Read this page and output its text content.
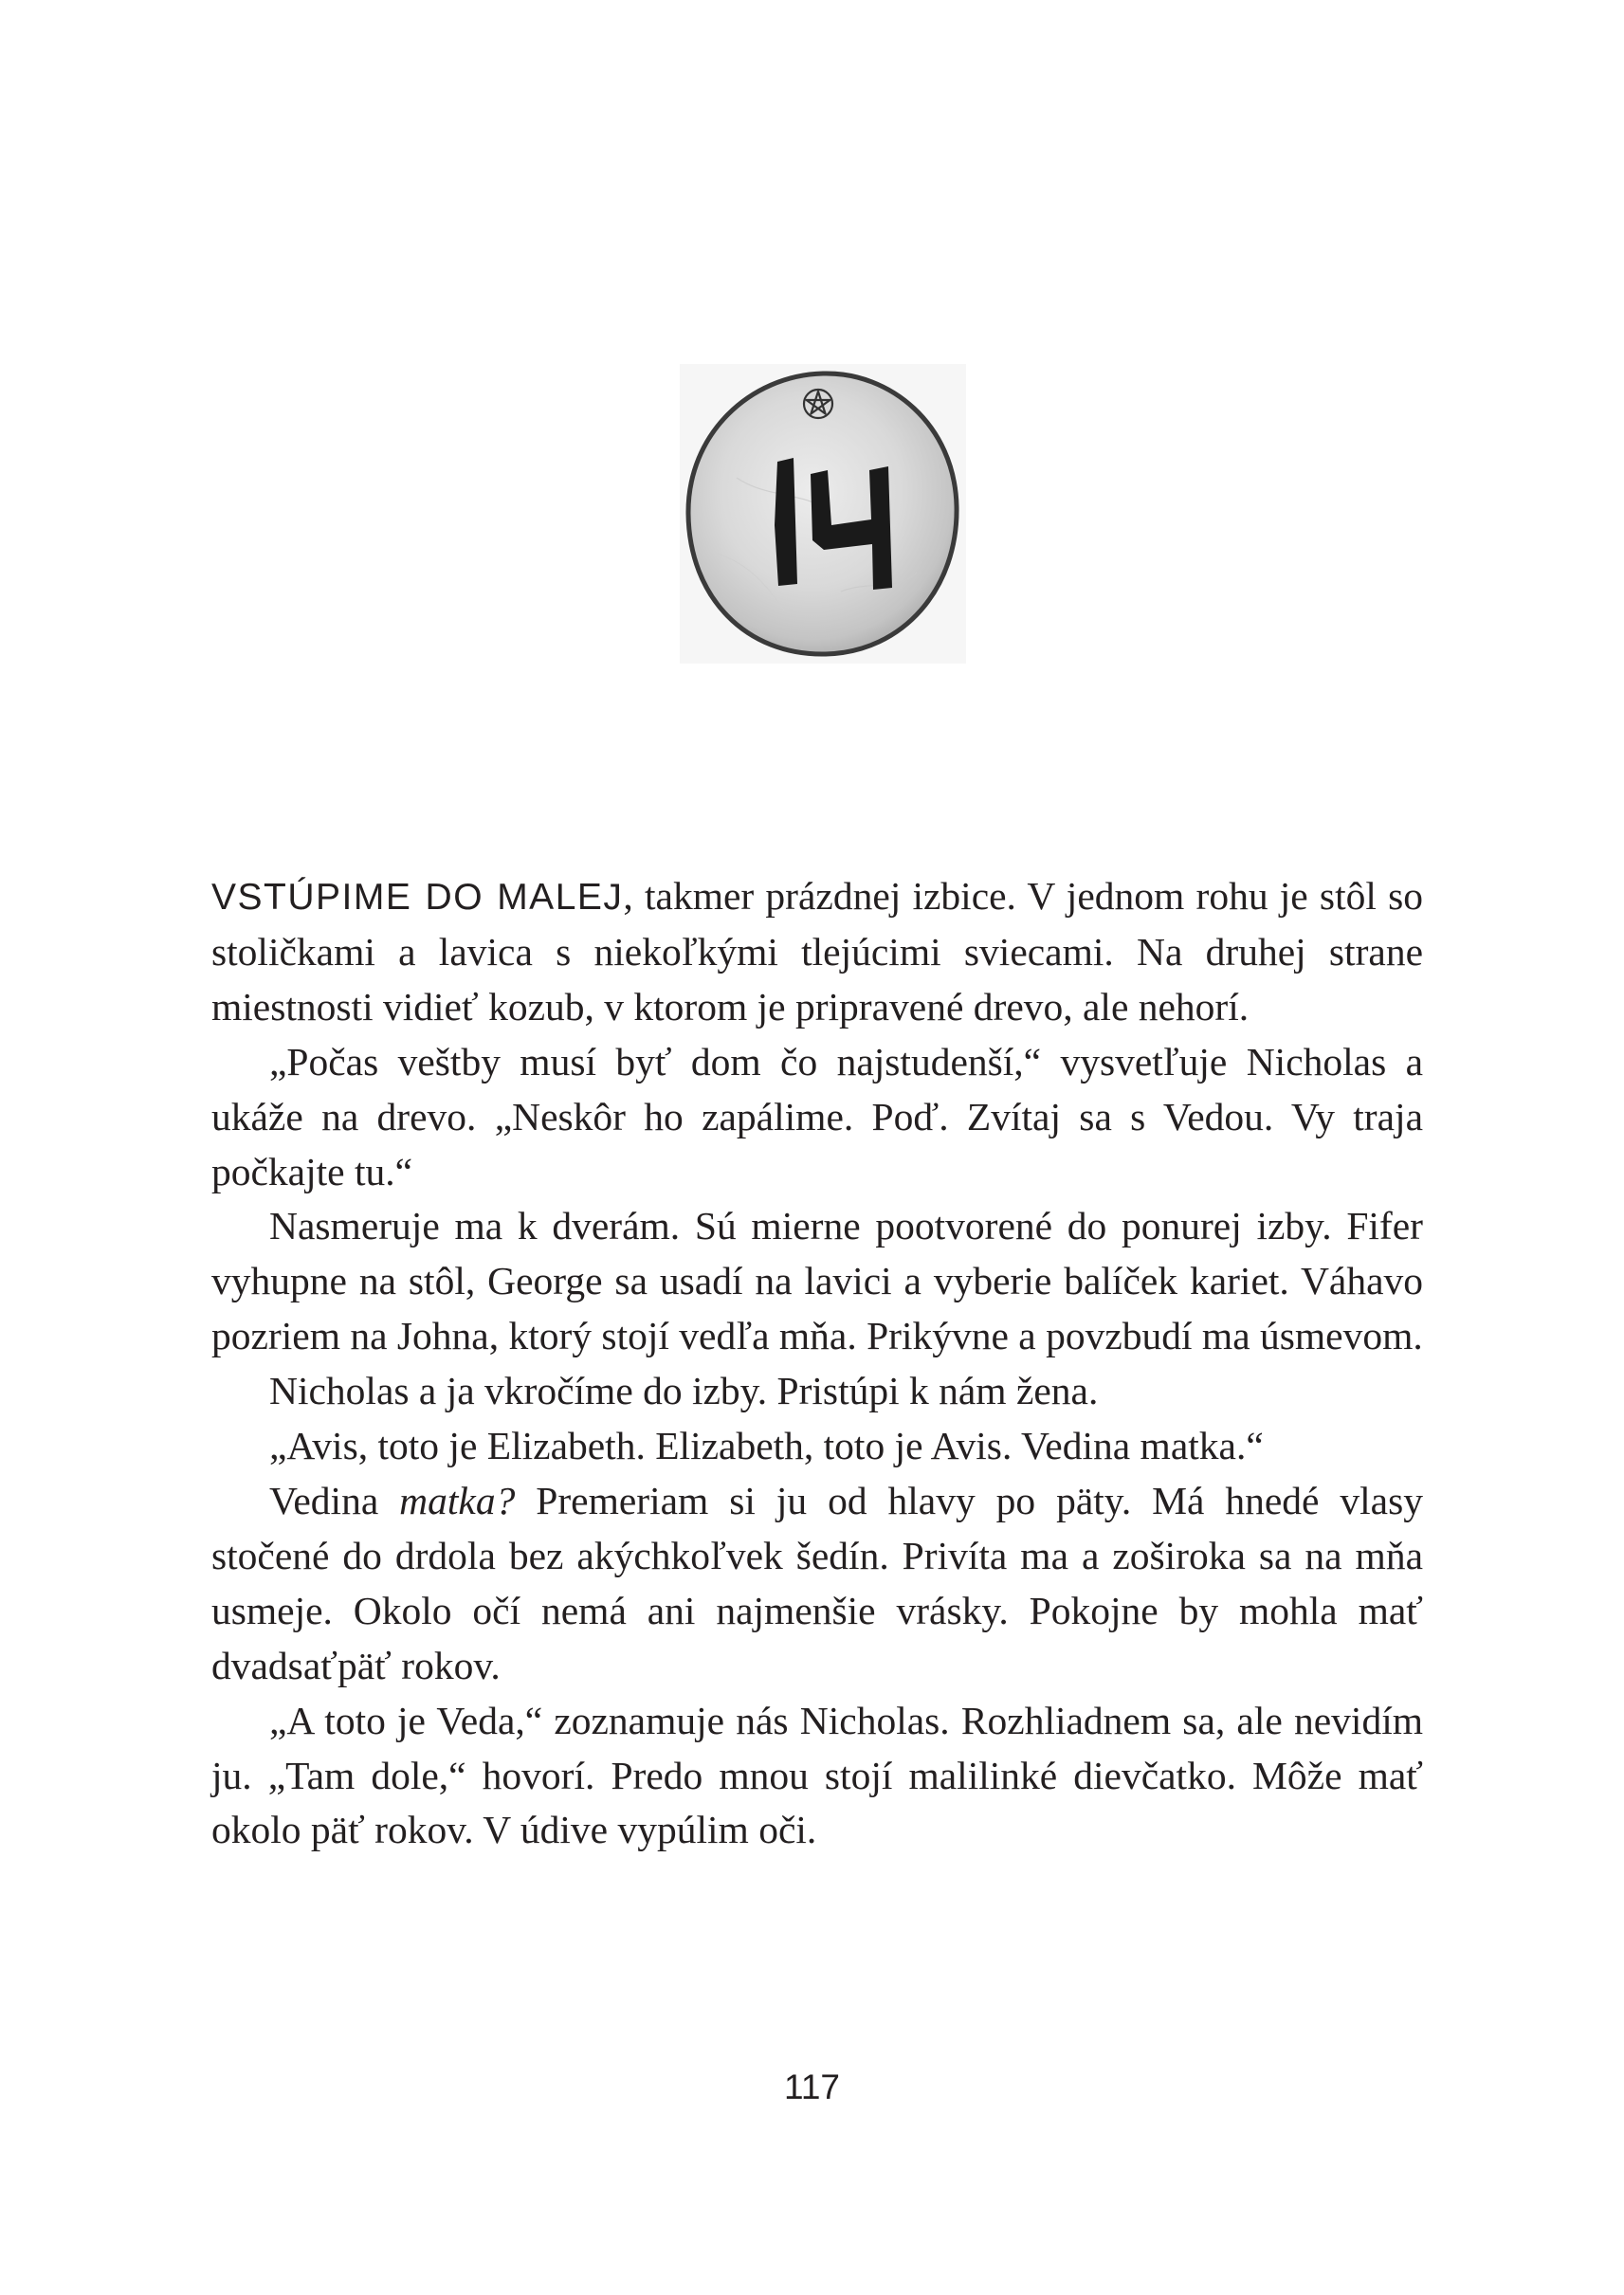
VSTÚPIME DO MALEJ, takmer prázdnej izbice. V jednom rohu je stôl so stoličkami a lavica s niekoľkými tlejúcimi sviecami. Na druhej strane miestnosti vidieť kozub, v ktorom je pripravené drevo, ale nehorí.

„Počas veštby musí byť dom čo najstudenší,“ vysvetľuje Nicholas a ukáže na drevo. „Neskôr ho zapálime. Poď. Zvítaj sa s Vedou. Vy traja počkajte tu.“

Nasmeruje ma k dverám. Sú mierne pootvorené do ponurej izby. Fifer vyhupne na stôl, George sa usadí na lavici a vyberie balíček kariet. Váhavo pozriem na Johna, ktorý stojí vedľa mňa. Prikývne a povzbudí ma úsmevom.

Nicholas a ja vkročíme do izby. Pristúpi k nám žena.

„Avis, toto je Elizabeth. Elizabeth, toto je Avis. Vedina matka.“

Vedina matka? Premeriam si ju od hlavy po päty. Má hnedé vlasy stočené do drdola bez akýchkoľvek šedín. Privíta ma a zoširoka sa na mňa usmeje. Okolo očí nemá ani najmenšie vrásky. Pokojne by mohla mať dvadsaťpäť rokov.

„A toto je Veda,“ zoznamuje nás Nicholas. Rozhliadnem sa, ale nevidím ju. „Tam dole,“ hovorí. Predo mnou stojí malilinké dievčatko. Môže mať okolo päť rokov. V údive vypúlim oči.

117
